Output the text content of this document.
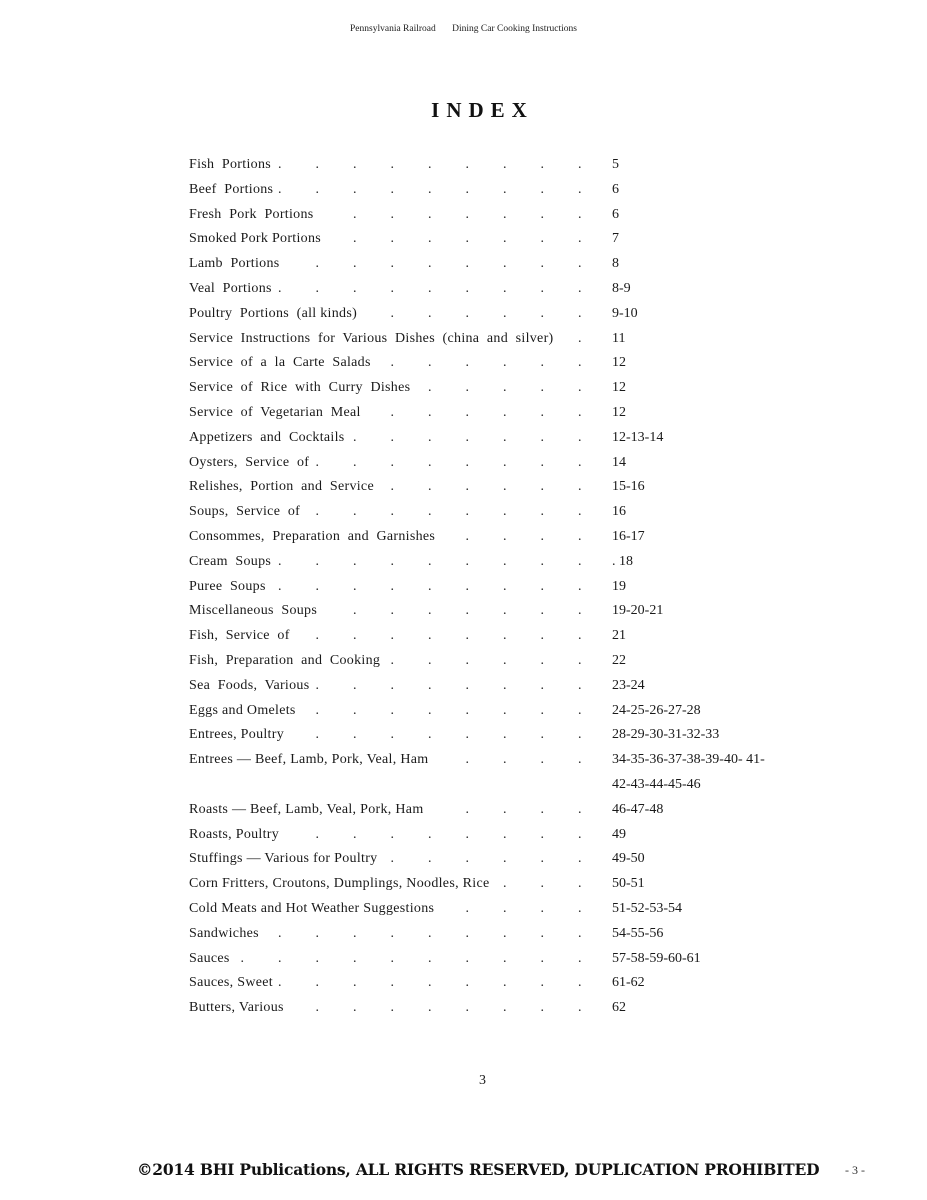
Pennsylvania Railroad Dining Car Cooking Instructions
INDEX
. . . . . . . . .
Fish  Portions	5
. . . . . . . . .
Beef  Portions	6
. . . . . . .
Fresh  Pork  Portions	6
. . . . . . .
Smoked Pork Portions	7
. . . . . . . .
Lamb  Portions	8
. . . . . . . . .
Veal  Portions	8-9
. . . . . .
Poultry  Portions  (all kinds)	9-10
.
Service  Instructions  for  Various  Dishes  (china  and  silver)	11
. . . . . .
Service  of  a  la  Carte  Salads	12
. . . . .
Service  of  Rice  with  Curry  Dishes	12
. . . . . .
Service  of  Vegetarian  Meal	12
. . . . . . .
Appetizers  and  Cocktails	12-13-14
. . . . . . . .
Oysters,  Service  of	14
. . . . . .
Relishes,  Portion  and  Service	15-16
. . . . . . . .
Soups,  Service  of	16
. . . .
Consommes,  Preparation  and  Garnishes	16-17
. . . . . . . . .
Cream  Soups	. 18
. . . . . . . . .
Puree  Soups	19
. . . . . . .
Miscellaneous  Soups	19-20-21
. . . . . . . .
Fish,  Service  of	21
. . . . . .
Fish,  Preparation  and  Cooking	22
. . . . . . . .
Sea  Foods,  Various	23-24
. . . . . . . .
Eggs and Omelets	24-25-26-27-28
. . . . . . . .
Entrees, Poultry	28-29-30-31-32-33
. . . .
Entrees — Beef, Lamb, Pork, Veal, Ham	34-35-36-37-38-39-40- 41-42-43-44-45-46
. . . .
Roasts — Beef, Lamb, Veal, Pork, Ham	46-47-48
. . . . . . . .
Roasts, Poultry	49
. . . . . .
Stuffings — Various for Poultry	49-50
. . .
Corn Fritters, Croutons, Dumplings, Noodles, Rice	50-51
. . . .
Cold Meats and Hot Weather Suggestions	51-52-53-54
. . . . . . . . .
Sandwiches	54-55-56
. . . . . . . . . .
Sauces	57-58-59-60-61
. . . . . . . . .
Sauces, Sweet	61-62
. . . . . . . .
Butters, Various	62
3
©2014 BHI Publications, ALL RIGHTS RESERVED, DUPLICATION PROHIBITED - 3 -
